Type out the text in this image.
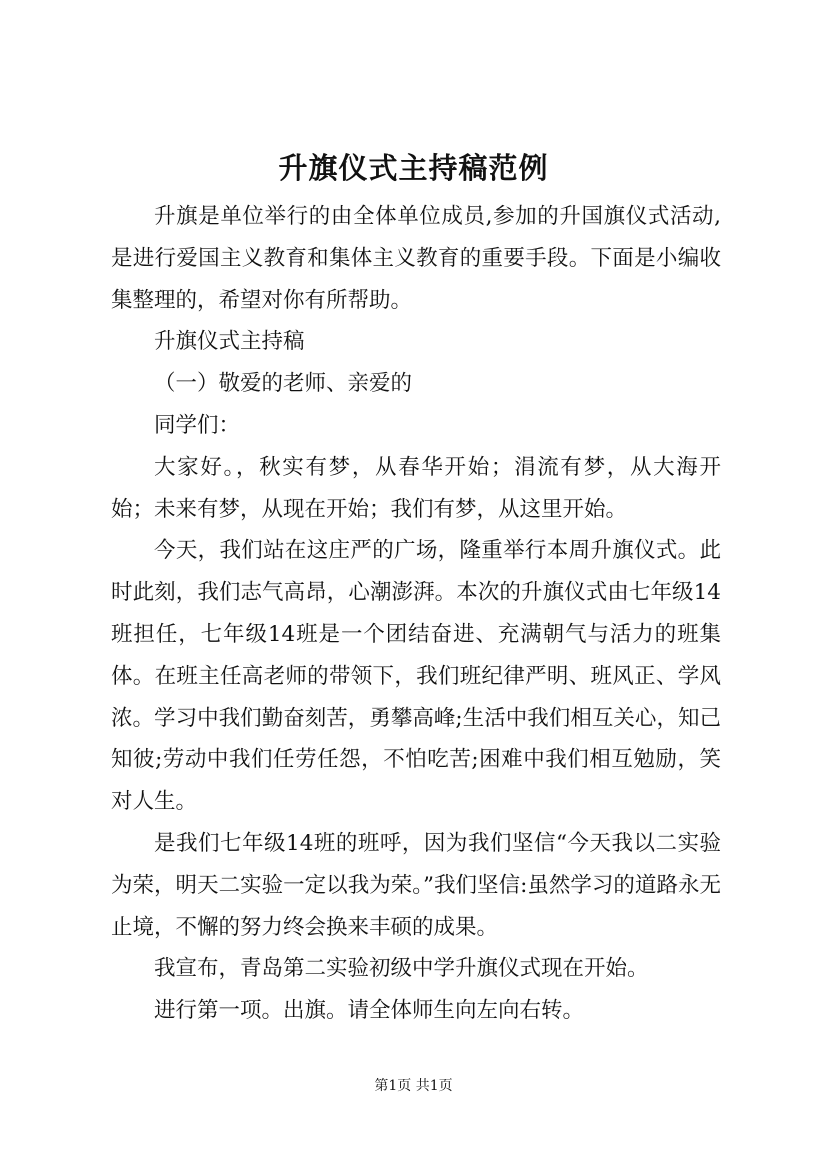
升旗仪式主持稿范例

升旗是单位举行的由全体单位成员,参加的升国旗仪式活动,是进行爱国主义教育和集体主义教育的重要手段。下面是小编收集整理的，希望对你有所帮助。

升旗仪式主持稿

（一）敬爱的老师、亲爱的

同学们：

大家好。，秋实有梦，从春华开始；涓流有梦，从大海开始；未来有梦，从现在开始；我们有梦，从这里开始。

今天，我们站在这庄严的广场，隆重举行本周升旗仪式。此时此刻，我们志气高昂，心潮澎湃。本次的升旗仪式由七年级14班担任，七年级14班是一个团结奋进、充满朝气与活力的班集体。在班主任高老师的带领下，我们班纪律严明、班风正、学风浓。学习中我们勤奋刻苦，勇攀高峰;生活中我们相互关心，知己知彼;劳动中我们任劳任怨，不怕吃苦;困难中我们相互勉励，笑对人生。

是我们七年级14班的班呼，因为我们坚信“今天我以二实验为荣，明天二实验一定以我为荣。”我们坚信:虽然学习的道路永无止境，不懈的努力终会换来丰硕的成果。

我宣布，青岛第二实验初级中学升旗仪式现在开始。

进行第一项。出旗。请全体师生向左向右转。

第1页 共1页
